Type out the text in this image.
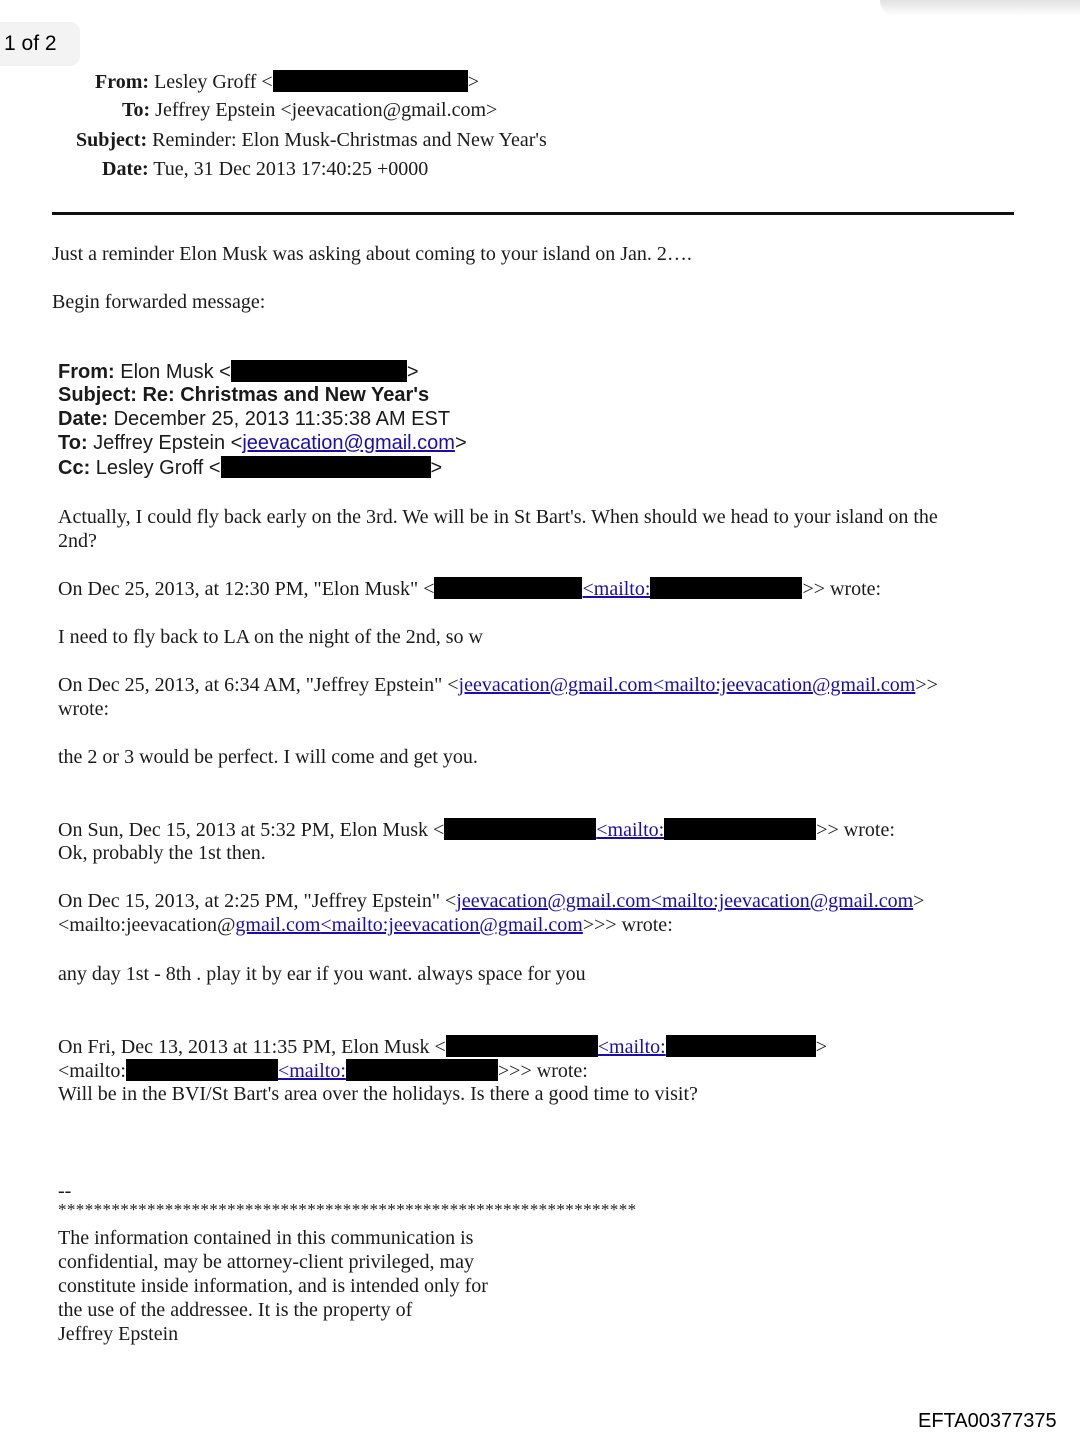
1 of 2
From: Lesley Groff <	>
To: Jeffrey Epstein <jeevacation@gmail.com>
Subject: Reminder: Elon Musk-Christmas and New Year's
Date: Tue, 31 Dec 2013 17:40:25 +0000
Just a reminder Elon Musk was asking about coming to your island on Jan. 2….
Begin forwarded message:
From: Elon Musk <	>
Subject: Re: Christmas and New Year's
Date: December 25, 2013 11:35:38 AM EST
To: Jeffrey Epstein <jeevacation@gmail.com>
Cc: Lesley Groff <	>
Actually, I could fly back early on the 3rd. We will be in St Bart's. When should we head to your island on the
2nd?
On Dec 25, 2013, at 12:30 PM, "Elon Musk" <	<mailto:	>> wrote:
I need to fly back to LA on the night of the 2nd, so w
On Dec 25, 2013, at 6:34 AM, "Jeffrey Epstein" <jeevacation@gmail.com<mailto:jeevacation@gmail.com>>
wrote:
the 2 or 3 would be perfect. I will come and get you.
On Sun, Dec 15, 2013 at 5:32 PM, Elon Musk <	<mailto:	>> wrote:
Ok, probably the 1st then.
On Dec 15, 2013, at 2:25 PM, "Jeffrey Epstein" <jeevacation@gmail.com<mailto:jeevacation@gmail.com>
<mailto:jeevacation@gmail.com<mailto:jeevacation@gmail.com>>> wrote:
any day 1st - 8th . play it by ear if you want. always space for you
On Fri, Dec 13, 2013 at 11:35 PM, Elon Musk <	<mailto:	>
<mailto:	<mailto:	>>> wrote:
Will be in the BVI/St Bart's area over the holidays. Is there a good time to visit?
--
*****************************************************************
The information contained in this communication is
confidential, may be attorney-client privileged, may
constitute inside information, and is intended only for
the use of the addressee. It is the property of
Jeffrey Epstein
EFTA00377375
